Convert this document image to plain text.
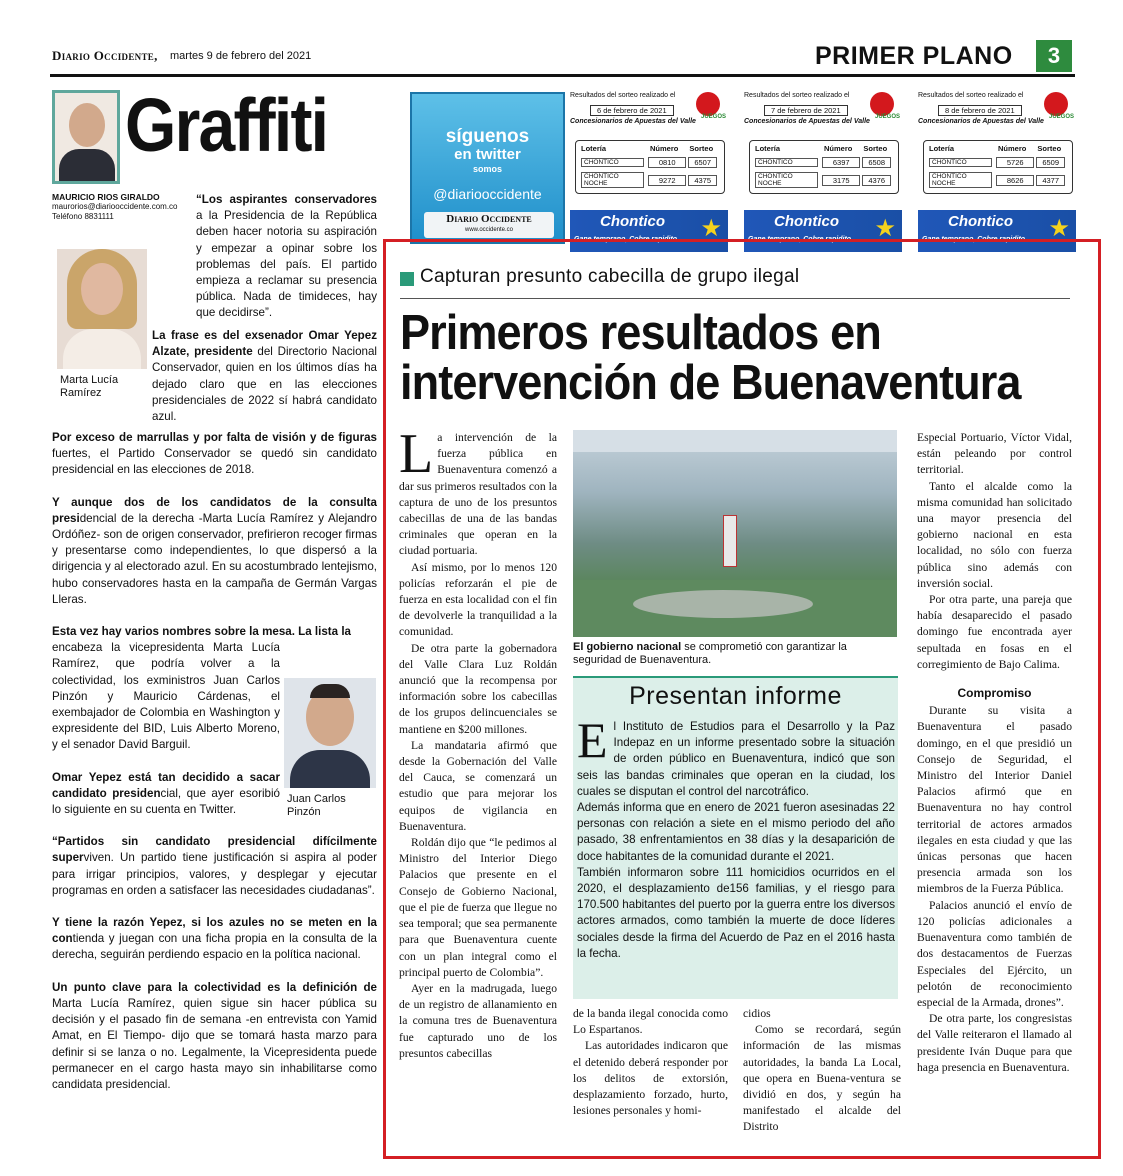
Diario Occidente, martes 9 de febrero del 2021	PRIMER PLANO	3
Graffiti
MAURICIO RIOS GIRALDO
maurorios@diariooccidente.com.co
Teléfono 8831111
“Los aspirantes conservadores a la Presidencia de la República deben hacer notoria su aspiración y empezar a opinar sobre los problemas del país. El partido empieza a reclamar su presencia pública. Nada de timideces, hay que decidirse”.
Marta Lucía
Ramírez
La frase es del exsenador Omar Yepez Alzate, presidente del Directorio Nacional Conservador, quien en los últimos días ha dejado claro que en las elecciones presidenciales de 2022 sí habrá candidato azul.

Por exceso de marrullas y por falta de visión y de figuras fuertes, el Partido Conservador se quedó sin candidato presidencial en las elecciones de 2018.

Y aunque dos de los candidatos de la consulta presidencial de la derecha -Marta Lucía Ramírez y Alejandro Ordóñez- son de origen conservador, prefirieron recoger firmas y presentarse como independientes, lo que dispersó a la dirigencia y al electorado azul. En su acostumbrado lentejismo, hubo conservadores hasta en la campaña de Germán Vargas Lleras.

Esta vez hay varios nombres sobre la mesa. La lista la
encabeza la vicepresidenta Marta Lucía Ramírez, que podría volver a la colectividad, los exministros Juan Carlos Pinzón y Mauricio Cárdenas, el exembajador de Colombia en Washington y expresidente del BID, Luis Alberto Moreno, y el senador David Barguil.

Omar Yepez está tan decidido a sacar candidato presidencial, que ayer esoribió lo siguiente en su cuenta en Twitter.

“Partidos sin candidato presidencial difícilmente superviven. Un partido tiene justificación si aspira al poder para irrigar principios, valores, y desplegar y ejecutar programas en orden a satisfacer las necesidades ciudadanas”.

Y tiene la razón Yepez, si los azules no se meten en la contienda y juegan con una ficha propia en la consulta de la derecha, seguirán perdiendo espacio en la política nacional.

Un punto clave para la colectividad es la definición de Marta Lucía Ramírez, quien sigue sin hacer pública su decisión y el pasado fin de semana -en entrevista con Yamid Amat, en El Tiempo- dijo que se tomará hasta marzo para definir si se lanza o no. Legalmente, la Vicepresidenta puede permanecer en el cargo hasta mayo sin inhabilitarse como candidata presidencial.

Juan Carlos
Pinzón
síguenos
en twitter
somos
@diariooccidente
Diario Occidente
www.occidente.co
Resultados del sorteo realizado el
6 de febrero de 2021
Concesionarios de Apuestas del Valle
JUEGOS
Lotería	Número	Sorteo
CHONTICO	0810	6507
CHONTICO NOCHE	9272	4375
Chontico ★
Gane temprano, Cobre rapidito
Resultados del sorteo realizado el
7 de febrero de 2021
Concesionarios de Apuestas del Valle
JUEGOS
Lotería	Número	Sorteo
CHONTICO	6397	6508
CHONTICO NOCHE	3175	4376
Chontico ★
Gane temprano, Cobre rapidito
Resultados del sorteo realizado el
8 de febrero de 2021
Concesionarios de Apuestas del Valle
JUEGOS
Lotería	Número	Sorteo
CHONTICO	5726	6509
CHONTICO NOCHE	8626	4377
Chontico ★
Gane temprano, Cobre rapidito
Capturan presunto cabecilla de grupo ilegal
Primeros resultados en intervención de Buenaventura

La intervención de la fuerza pública en Buenaventura comenzó a dar sus primeros resultados con la captura de uno de los presuntos cabecillas de una de las bandas criminales que operan en la ciudad portuaria.

Así mismo, por lo menos 120 policías reforzarán el pie de fuerza en esta localidad con el fin de devolverle la tranquilidad a la comunidad.

De otra parte la gobernadora del Valle Clara Luz Roldán anunció que la recompensa por información sobre los cabecillas de los grupos delincuenciales se mantiene en $200 millones.

La mandataria afirmó que desde la Gobernación del Valle del Cauca, se comenzará un estudio que para mejorar los equipos de vigilancia en Buenaventura.

Roldán dijo que “le pedimos al Ministro del Interior Diego Palacios que presente en el Consejo de Gobierno Nacional, que el pie de fuerza que llegue no sea temporal; que sea permanente para que Buenaventura cuente con un plan integral como el principal puerto de Colombia”.

Ayer en la madrugada, luego de un registro de allanamiento en la comuna tres de Buenaventura fue capturado uno de los presuntos cabecillas

El gobierno nacional se comprometió con garantizar la seguridad de Buenaventura.
Presentan informe

El Instituto de Estudios para el Desarrollo y la Paz Indepaz en un informe presentado sobre la situación de orden público en Buenaventura, indicó que son seis las bandas criminales que operan en la ciudad, los cuales se disputan el control del narcotráfico.

Además informa que en enero de 2021 fueron asesinadas 22 personas con relación a siete en el mismo periodo del año pasado, 38 enfrentamientos en 38 días y la desaparición de doce habitantes de la comunidad durante el 2021.

También informaron sobre 111 homicidios ocurridos en el 2020, el desplazamiento de156 familias, y el riesgo para 170.500 habitantes del puerto por la guerra entre los diversos actores armados, como también la muerte de doce líderes sociales desde la firma del Acuerdo de Paz en el 2016 hasta la fecha.

de la banda ilegal conocida como Lo Espartanos.

Las autoridades indicaron que el detenido deberá responder por los delitos de extorsión, desplazamiento forzado, hurto, lesiones personales y homi-

cidios

Como se recordará, según información de las mismas autoridades, la banda La Local, que opera en Buena-ventura se dividió en dos, y según ha manifestado el alcalde del Distrito

Especial Portuario, Víctor Vidal, están peleando por control territorial.

Tanto el alcalde como la misma comunidad han solicitado una mayor presencia del gobierno nacional en esta localidad, no sólo con fuerza pública sino además con inversión social.

Por otra parte, una pareja que había desaparecido el pasado domingo fue encontrada ayer sepultada en fosas en el corregimiento de Bajo Calima.

Compromiso

Durante su visita a Buenaventura el pasado domingo, en el que presidió un Consejo de Seguridad, el Ministro del Interior Daniel Palacios afirmó que en Buenaventura no hay control territorial de actores armados ilegales en esta ciudad y que las únicas personas que hacen presencia armada son los miembros de la Fuerza Pública.

Palacios anunció el envío de 120 policías adicionales a Buenaventura como también de dos destacamentos de Fuerzas Especiales del Ejército, un pelotón de reconocimiento especial de la Armada, drones”.

De otra parte, los congresistas del Valle reiteraron el llamado al presidente Iván Duque para que haga presencia en Buenaventura.
